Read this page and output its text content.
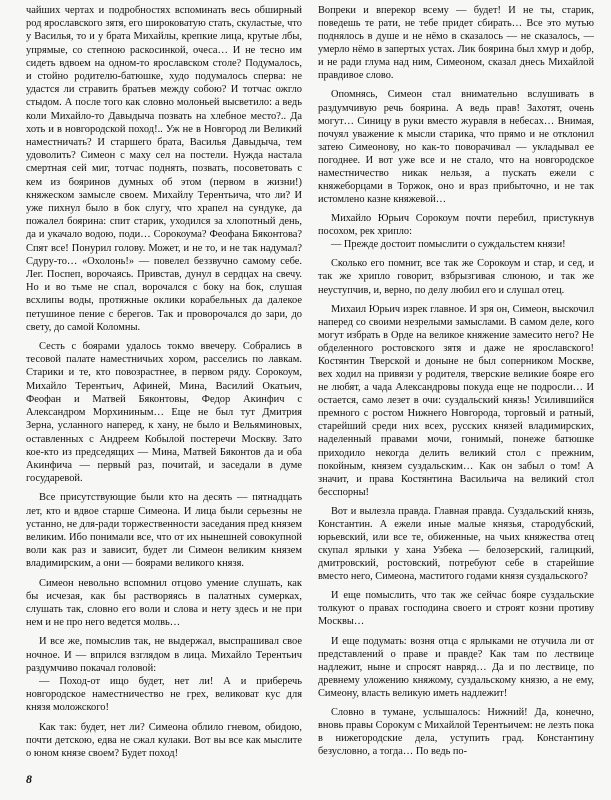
чайших чертах и подробностях вспоминать весь обширный род ярославского зятя, его широковатую стать, скуластые, что у Василья, то и у брата Михайлы, крепкие лица, крутые лбы, упрямые, со степною раскосинкой, очеса… И не тесно им сидеть вдвоем на одном-то ярославском столе? Подумалось, и стойно родителю-батюшке, худо подумалось сперва: не удастся ли стравить братьев между собою? И тотчас ожгло стыдом. А после того как словно молоньей высветило: а ведь коли Михайло-то Давыдыча позвать на хлебное место?.. Да хоть и в новгородской поход!.. Уж не в Новгород ли Великий наместничать? И старшего брата, Василья Давыдыча, тем удоволить? Симеон с маху сел на постели. Нужда настала смертная сей миг, тотчас поднять, позвать, посоветовать с кем из бояринов думных об этом (первом в жизни!) княжеском замысле своем. Михайлу Терентьича, что ли? И уже пихнул было в бок слугу, что храпел на сундуке, да пожалел боярина: спит старик, уходился за хлопотный день, да и укачало водою, поди… Сорокоума? Феофана Бяконтова? Спят все! Понурил голову. Может, и не то, и не так надумал? Сдуру-то… «Охолонь!» — повелел беззвучно самому себе. Лег. Поспеп, ворочаясь. Привстав, дунул в сердцах на свечу. Но и во тьме не спал, ворочался с боку на бок, слушая всхлипы воды, протяжные оклики корабельных да далекое петушиное пение с берегов. Так и проворочался до зари, до свету, до самой Коломны.

Сесть с боярами удалось токмо ввечеру. Собрались в тесовой палате наместничьих хором, расселись по лавкам. Старики и те, кто повозрастнее, в первом ряду. Сорокоум, Михайло Терентьич, Афиней, Мина, Василий Окатьич, Феофан и Матвей Бяконтовы, Федор Акинфич с Александром Морхининым… Еще не был тут Дмитрия Зерна, усланного наперед, к хану, не было и Вельяминовых, оставленных с Андреем Кобылой постеречи Москву. Зато кое-кто из председящих — Мина, Матвей Бяконтов да и оба Акинфича — первый раз, почитай, и заседали в думе государевой.

Все присутствующие были кто на десять — пятнадцать лет, кто и вдвое старше Симеона. И лица были серьезны не устанно, не для-ради торжественности заседания пред князем великим. Ибо понимали все, что от их нынешней совокупной воли как раз и зависит, будет ли Симеон великим князем владимирским, а они — боярами великого князя.

Симеон невольно вспомнил отцово умение слушать, как бы исчезая, как бы растворяясь в палатных сумерках, слушать так, словно его воли и слова и нету здесь и не при нем и не про него ведется молвь…

И все же, помыслив так, не выдержал, выспрашивал свое ночное. И — впрился взглядом в лица. Михайло Терентьич раздумчиво покачал головой:

— Поход-от ищо будет, нет ли! А и приберечь новгородское наместничество не грех, великоват кус для князя моложского!

Как так: будет, нет ли? Симеона облило гневом, обидою, почти детскою, едва не сжал кулаки. Вот вы все как мыслите о юном князе своем? Будет поход!

Вопреки и вперекор всему — будет! И не ты, старик, поведешь те рати, не тебе придет сбирать… Все это мутью поднялось в душе и не нёмо в сказалось — не сказалось, — умерло нёмо в запертых устах. Лик боярина был хмур и добр, и не ради глума над ним, Симеоном, сказал днесь Михайлой правдивое слово.

Опомнясь, Симеон стал внимательно вслушивать в раздумчивую речь боярина. А ведь прав! Захотят, очень могут… Синицу в руки вместо журавля в небесах… Внимая, почуял уважение к мысли старика, что прямо и не отклонил затею Симеонову, но как-то поворачивал — укладывал ее погоднее. И вот уже все и не стало, что на новгородское наместничество никак нельзя, а пускать ежели с княжеборцами в Торжок, оно и враз прибыточно, и не так истомлено казне княжевой…

Михайло Юрьич Сорокоум почти перебил, пристукнув посохом, рек хрипло:

— Прежде достоит помыслити о суждальстем князи!

Сколько его помнит, все так же Сорокоум и стар, и сед, и так же хрипло говорит, взбрызгивая слюною, и так же неуступчив, и, верно, по делу любил его и слушал отец.

Михаил Юрьич изрек главное. И зря он, Симеон, выскочил наперед со своими незрелыми замыслами. В самом деле, кого могут избрать в Орде на великое княжение замесито него? Не обделенного ростовского зятя и даже не ярославского! Костянтин Тверской и доныне не был соперником Москве, вех ходил на привязи у родителя, тверские великие бояре его не любят, а чада Александровы покуда еще не подросли… И остается, само лезет в очи: суздальский князь! Усилившийся премного с ростом Нижнего Новгорода, торговый и ратный, старейший среди них всех, русских князей владимирских, наделенный правами мочи, гонимый, понеже батюшке приходило некогда делить великий стол с прежним, покойным, князем суздальским… Как он забыл о том! А значит, и права Костянтина Васильича на великий стол бесспорны!

Вот и вылезла правда. Главная правда. Суздальский князь, Константин. А ежели иные малые князья, стародубский, юрьевский, или все те, обиженные, на чьих княжества отец скупал ярлыки у хана Узбека — белозерский, галицкий, дмитровский, ростовский, потребуют себе в старейшие вместо него, Симеона, маститого годами князя суздальского?

И еще помыслить, что так же сейчас бояре суздальские толкуют о правах господина своего и строят козни противу Москвы…

И еще подумать: возня отца с ярлыками не отучила ли от представлений о праве и правде? Как там по лествице надлежит, ныне и спросят навряд… Да и по лествице, по древнему уложению княжому, суздальскому князю, а не ему, Симеону, власть великую иметь надлежит!

Словно в тумане, услышалось: Нижний! Да, конечно, вновь правы Сорокум с Михайлой Терентьичем: не лезть пока в нижегородские дела, уступить град. Константину безусловно, а тогда… По ведь по-

8
